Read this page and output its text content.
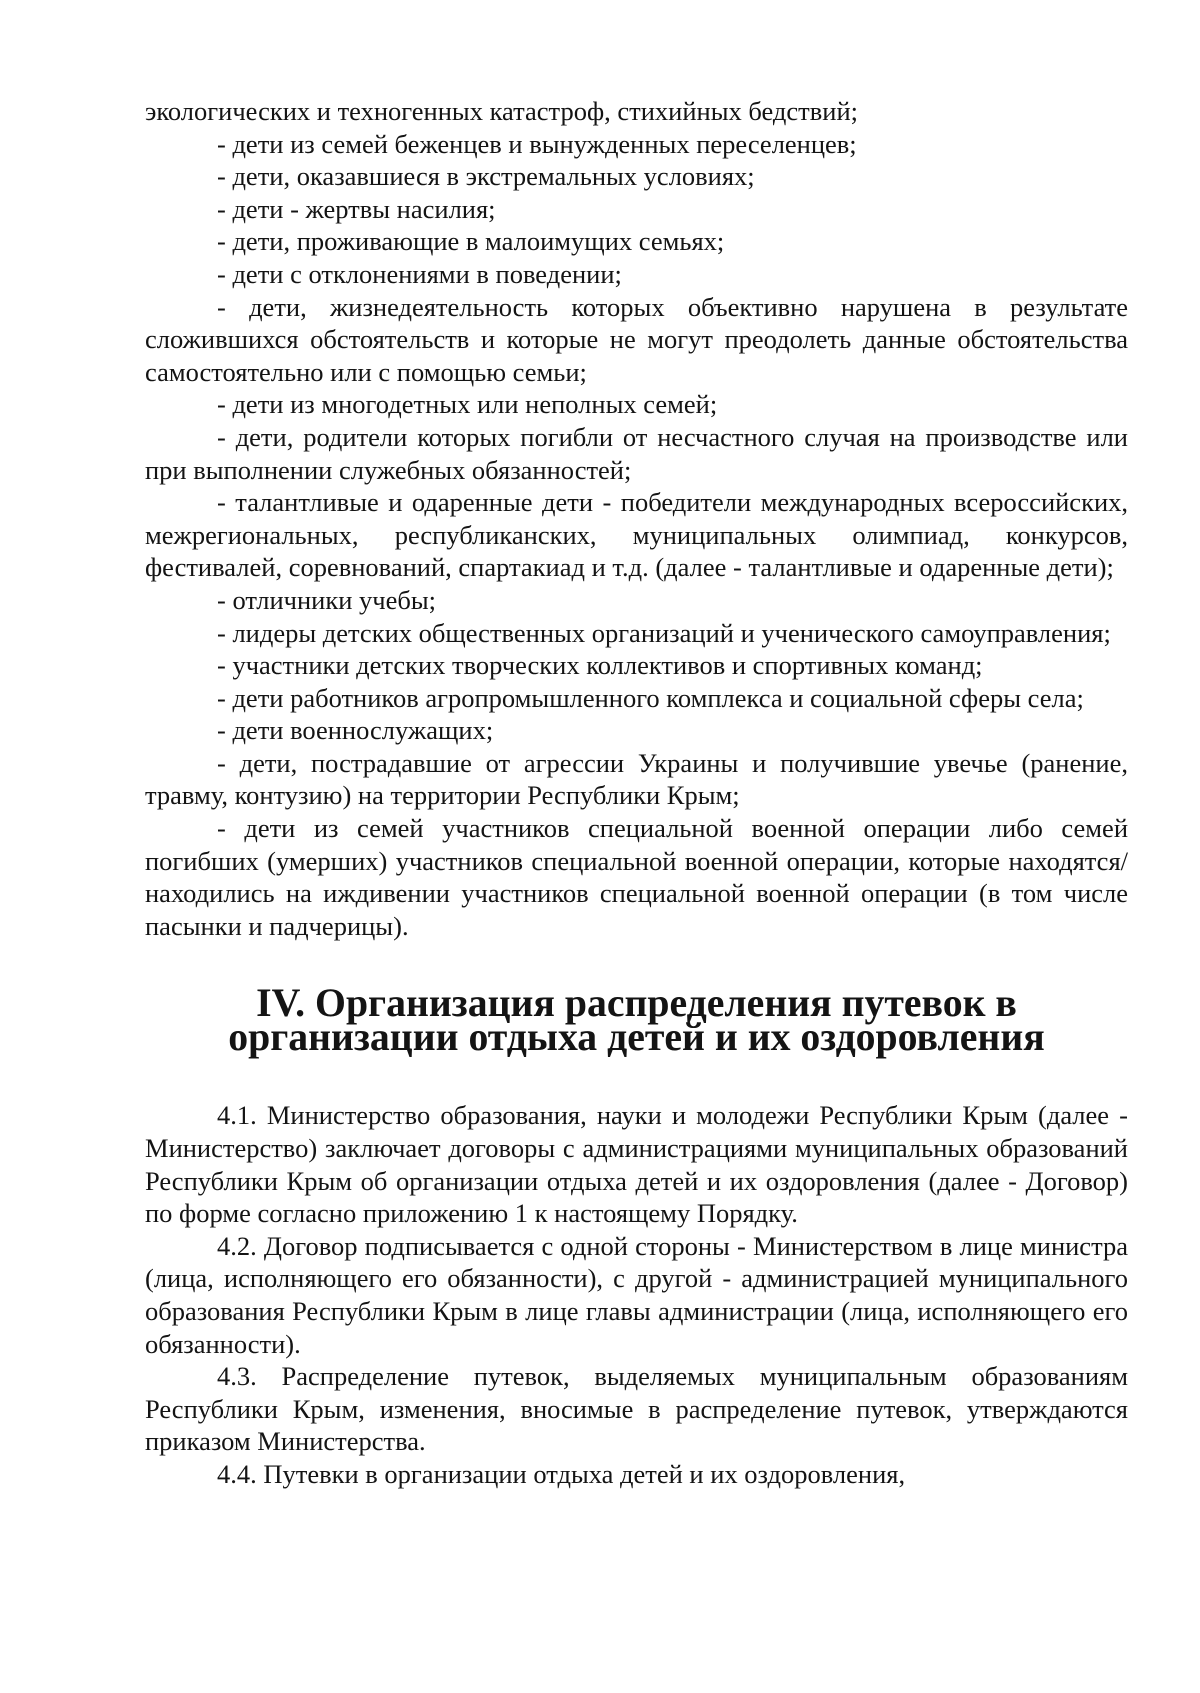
экологических и техногенных катастроф, стихийных бедствий;

- дети из семей беженцев и вынужденных переселенцев;

- дети, оказавшиеся в экстремальных условиях;

- дети - жертвы насилия;

- дети, проживающие в малоимущих семьях;

- дети с отклонениями в поведении;

- дети, жизнедеятельность которых объективно нарушена в результате сложившихся обстоятельств и которые не могут преодолеть данные обстоятельства самостоятельно или с помощью семьи;

- дети из многодетных или неполных семей;

- дети, родители которых погибли от несчастного случая на производстве или при выполнении служебных обязанностей;

- талантливые и одаренные дети - победители международных всероссийских, межрегиональных, республиканских, муниципальных олимпиад, конкурсов, фестивалей, соревнований, спартакиад и т.д. (далее - талантливые и одаренные дети);

- отличники учебы;

- лидеры детских общественных организаций и ученического самоуправления;

- участники детских творческих коллективов и спортивных команд;

- дети работников агропромышленного комплекса и социальной сферы села;

- дети военнослужащих;

- дети, пострадавшие от агрессии Украины и получившие увечье (ранение, травму, контузию) на территории Республики Крым;

- дети из семей участников специальной военной операции либо семей погибших (умерших) участников специальной военной операции, которые находятся/находились на иждивении участников специальной военной операции (в том числе пасынки и падчерицы).

IV. Организация распределения путевок в организации отдыха детей и их оздоровления

4.1. Министерство образования, науки и молодежи Республики Крым (далее - Министерство) заключает договоры с администрациями муниципальных образований Республики Крым об организации отдыха детей и их оздоровления (далее - Договор) по форме согласно приложению 1 к настоящему Порядку.

4.2. Договор подписывается с одной стороны - Министерством в лице министра (лица, исполняющего его обязанности), с другой - администрацией муниципального образования Республики Крым в лице главы администрации (лица, исполняющего его обязанности).

4.3. Распределение путевок, выделяемых муниципальным образованиям Республики Крым, изменения, вносимые в распределение путевок, утверждаются приказом Министерства.

4.4. Путевки в организации отдыха детей и их оздоровления,
